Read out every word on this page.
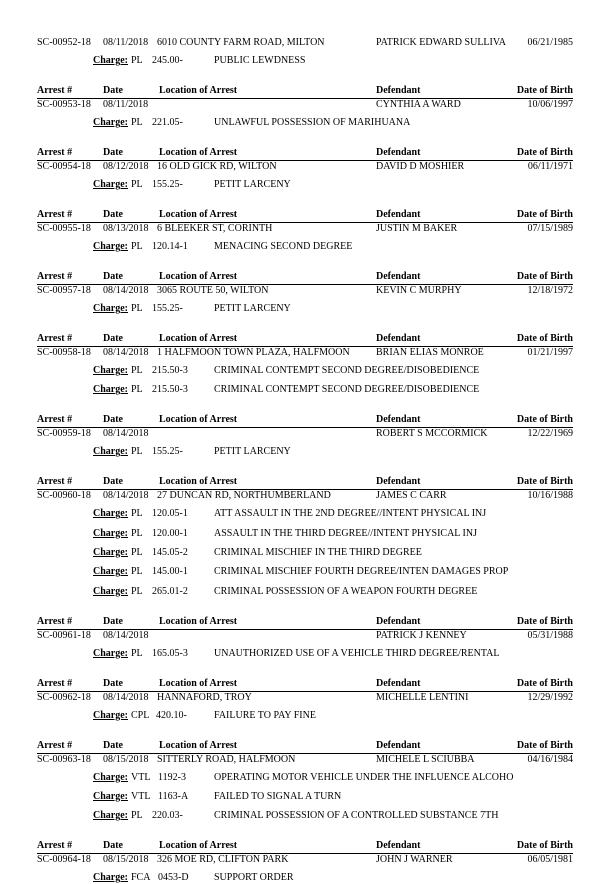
SC-00952-18 08/11/2018 6010 COUNTY FARM ROAD, MILTON	PATRICK EDWARD SULLIVA 06/21/1985
Charge: PL 245.00-	PUBLIC LEWDNESS
Arrest #	Date	Location of Arrest	Defendant	Date of Birth
SC-00953-18 08/11/2018	CYNTHIA A WARD	10/06/1997
Charge: PL 221.05-	UNLAWFUL POSSESSION OF MARIHUANA
Arrest #	Date	Location of Arrest	Defendant	Date of Birth
SC-00954-18 08/12/2018 16 OLD GICK RD, WILTON	DAVID D MOSHIER	06/11/1971
Charge: PL 155.25-	PETIT LARCENY
Arrest #	Date	Location of Arrest	Defendant	Date of Birth
SC-00955-18 08/13/2018 6 BLEEKER ST, CORINTH	JUSTIN M BAKER	07/15/1989
Charge: PL 120.14-1	MENACING SECOND DEGREE
Arrest #	Date	Location of Arrest	Defendant	Date of Birth
SC-00957-18 08/14/2018 3065 ROUTE 50, WILTON	KEVIN C MURPHY	12/18/1972
Charge: PL 155.25-	PETIT LARCENY
Arrest #	Date	Location of Arrest	Defendant	Date of Birth
SC-00958-18 08/14/2018 1 HALFMOON TOWN PLAZA, HALFMOON	BRIAN ELIAS MONROE	01/21/1997
Charge: PL 215.50-3	CRIMINAL CONTEMPT SECOND DEGREE/DISOBEDIENCE
Charge: PL 215.50-3	CRIMINAL CONTEMPT SECOND DEGREE/DISOBEDIENCE
Arrest #	Date	Location of Arrest	Defendant	Date of Birth
SC-00959-18 08/14/2018	ROBERT S MCCORMICK	12/22/1969
Charge: PL 155.25-	PETIT LARCENY
Arrest #	Date	Location of Arrest	Defendant	Date of Birth
SC-00960-18 08/14/2018 27 DUNCAN RD, NORTHUMBERLAND	JAMES C CARR	10/16/1988
Charge: PL 120.05-1	ATT ASSAULT IN THE 2ND DEGREE//INTENT PHYSICAL INJ
Charge: PL 120.00-1	ASSAULT IN THE THIRD DEGREE//INTENT PHYSICAL INJ
Charge: PL 145.05-2	CRIMINAL MISCHIEF IN THE THIRD DEGREE
Charge: PL 145.00-1	CRIMINAL MISCHIEF FOURTH DEGREE/INTEN DAMAGES PROP
Charge: PL 265.01-2	CRIMINAL POSSESSION OF A WEAPON FOURTH DEGREE
Arrest #	Date	Location of Arrest	Defendant	Date of Birth
SC-00961-18 08/14/2018	PATRICK J KENNEY	05/31/1988
Charge: PL 165.05-3	UNAUTHORIZED USE OF A VEHICLE THIRD DEGREE/RENTAL
Arrest #	Date	Location of Arrest	Defendant	Date of Birth
SC-00962-18 08/14/2018 HANNAFORD, TROY	MICHELLE LENTINI	12/29/1992
Charge: CPL 420.10-	FAILURE TO PAY FINE
Arrest #	Date	Location of Arrest	Defendant	Date of Birth
SC-00963-18 08/15/2018 SITTERLY ROAD, HALFMOON	MICHELE L SCIUBBA	04/16/1984
Charge: VTL 1192-3	OPERATING MOTOR VEHICLE UNDER THE INFLUENCE ALCOHO
Charge: VTL 1163-A	FAILED TO SIGNAL A TURN
Charge: PL 220.03-	CRIMINAL POSSESSION OF A CONTROLLED SUBSTANCE 7TH
Arrest #	Date	Location of Arrest	Defendant	Date of Birth
SC-00964-18 08/15/2018 326 MOE RD, CLIFTON PARK	JOHN J WARNER	06/05/1981
Charge: FCA 0453-D	SUPPORT ORDER
